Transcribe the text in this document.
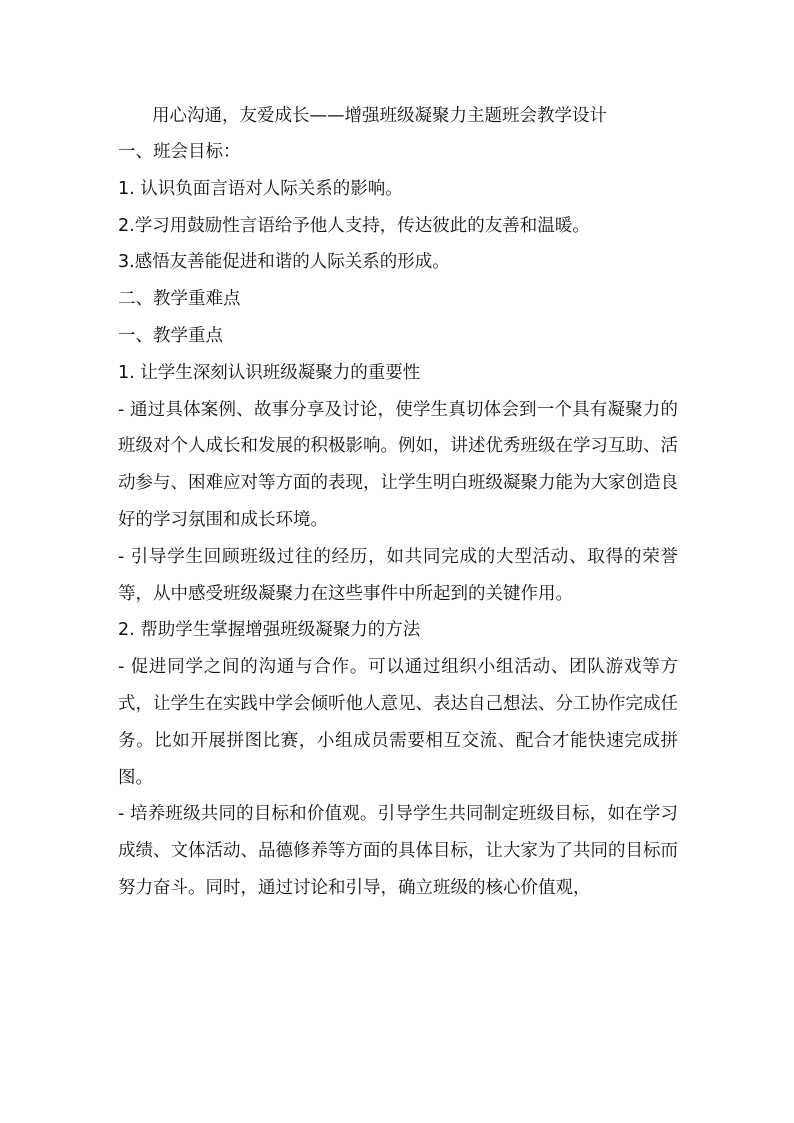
用心沟通，友爱成长——增强班级凝聚力主题班会教学设计

一、班会目标：

1. 认识负面言语对人际关系的影响。

2.学习用鼓励性言语给予他人支持，传达彼此的友善和温暖。

3.感悟友善能促进和谐的人际关系的形成。

二、教学重难点

一、教学重点

1. 让学生深刻认识班级凝聚力的重要性

- 通过具体案例、故事分享及讨论，使学生真切体会到一个具有凝聚力的班级对个人成长和发展的积极影响。例如，讲述优秀班级在学习互助、活动参与、困难应对等方面的表现，让学生明白班级凝聚力能为大家创造良好的学习氛围和成长环境。

- 引导学生回顾班级过往的经历，如共同完成的大型活动、取得的荣誉等，从中感受班级凝聚力在这些事件中所起到的关键作用。

2. 帮助学生掌握增强班级凝聚力的方法

- 促进同学之间的沟通与合作。可以通过组织小组活动、团队游戏等方式，让学生在实践中学会倾听他人意见、表达自己想法、分工协作完成任务。比如开展拼图比赛，小组成员需要相互交流、配合才能快速完成拼图。

- 培养班级共同的目标和价值观。引导学生共同制定班级目标，如在学习成绩、文体活动、品德修养等方面的具体目标，让大家为了共同的目标而努力奋斗。同时，通过讨论和引导，确立班级的核心价值观，
